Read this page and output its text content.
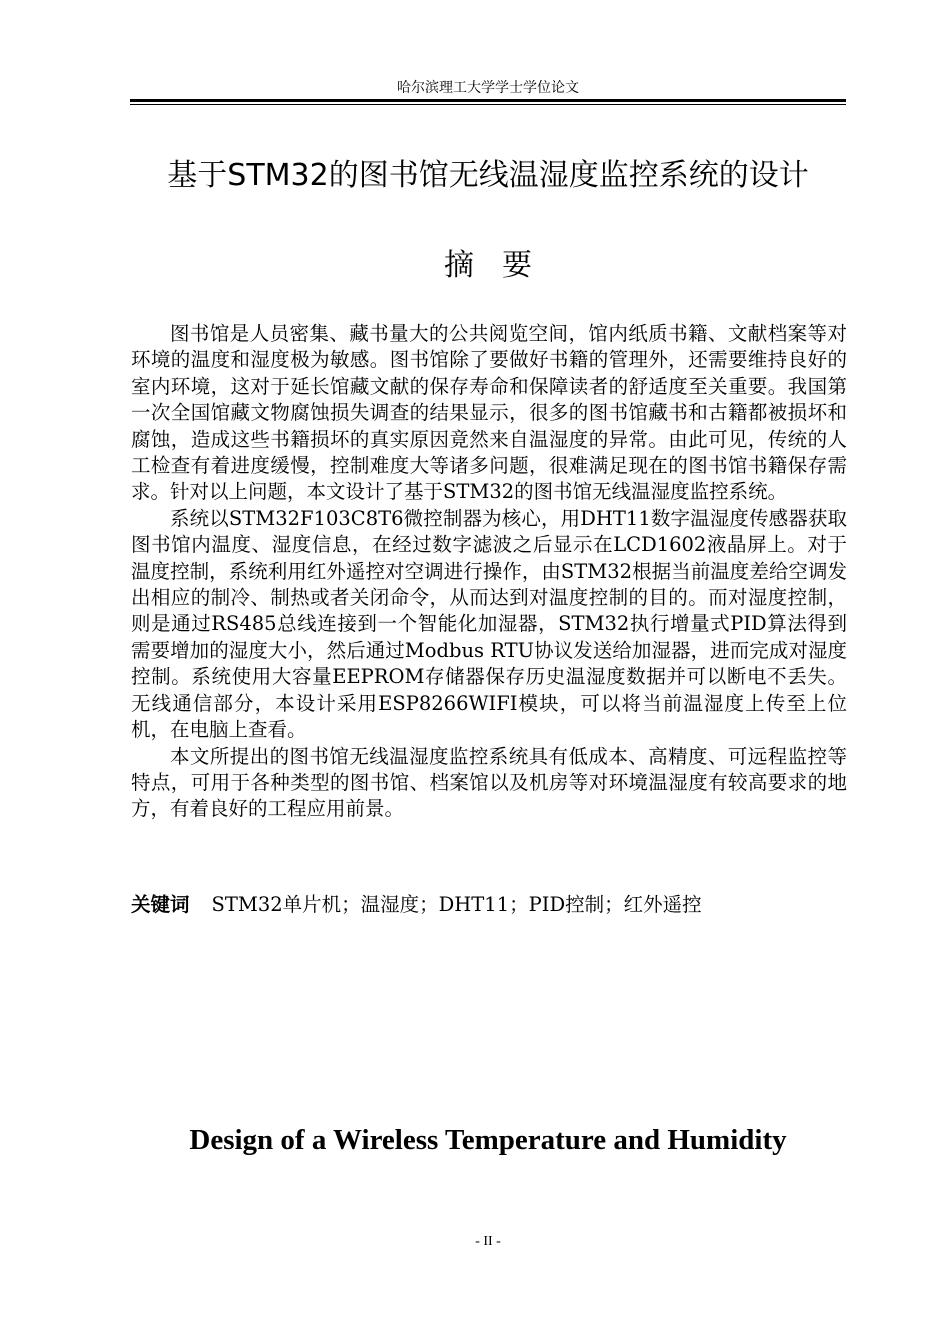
哈尔滨理工大学学士学位论文
基于STM32的图书馆无线温湿度监控系统的设计
摘要

图书馆是人员密集、藏书量大的公共阅览空间，馆内纸质书籍、文献档案等对环境的温度和湿度极为敏感。图书馆除了要做好书籍的管理外，还需要维持良好的室内环境，这对于延长馆藏文献的保存寿命和保障读者的舒适度至关重要。我国第一次全国馆藏文物腐蚀损失调查的结果显示，很多的图书馆藏书和古籍都被损坏和腐蚀，造成这些书籍损坏的真实原因竟然来自温湿度的异常。由此可见，传统的人工检查有着进度缓慢，控制难度大等诸多问题，很难满足现在的图书馆书籍保存需求。针对以上问题，本文设计了基于STM32的图书馆无线温湿度监控系统。

系统以STM32F103C8T6微控制器为核心，用DHT11数字温湿度传感器获取图书馆内温度、湿度信息，在经过数字滤波之后显示在LCD1602液晶屏上。对于温度控制，系统利用红外遥控对空调进行操作，由STM32根据当前温度差给空调发出相应的制冷、制热或者关闭命令，从而达到对温度控制的目的。而对湿度控制，则是通过RS485总线连接到一个智能化加湿器，STM32执行增量式PID算法得到需要增加的湿度大小，然后通过Modbus RTU协议发送给加湿器，进而完成对湿度控制。系统使用大容量EEPROM存储器保存历史温湿度数据并可以断电不丢失。无线通信部分，本设计采用ESP8266WIFI模块，可以将当前温湿度上传至上位机，在电脑上查看。

本文所提出的图书馆无线温湿度监控系统具有低成本、高精度、可远程监控等特点，可用于各种类型的图书馆、档案馆以及机房等对环境温湿度有较高要求的地方，有着良好的工程应用前景。

关键词 STM32单片机；温湿度；DHT11；PID控制；红外遥控
Design of a Wireless Temperature and Humidity
- II -
